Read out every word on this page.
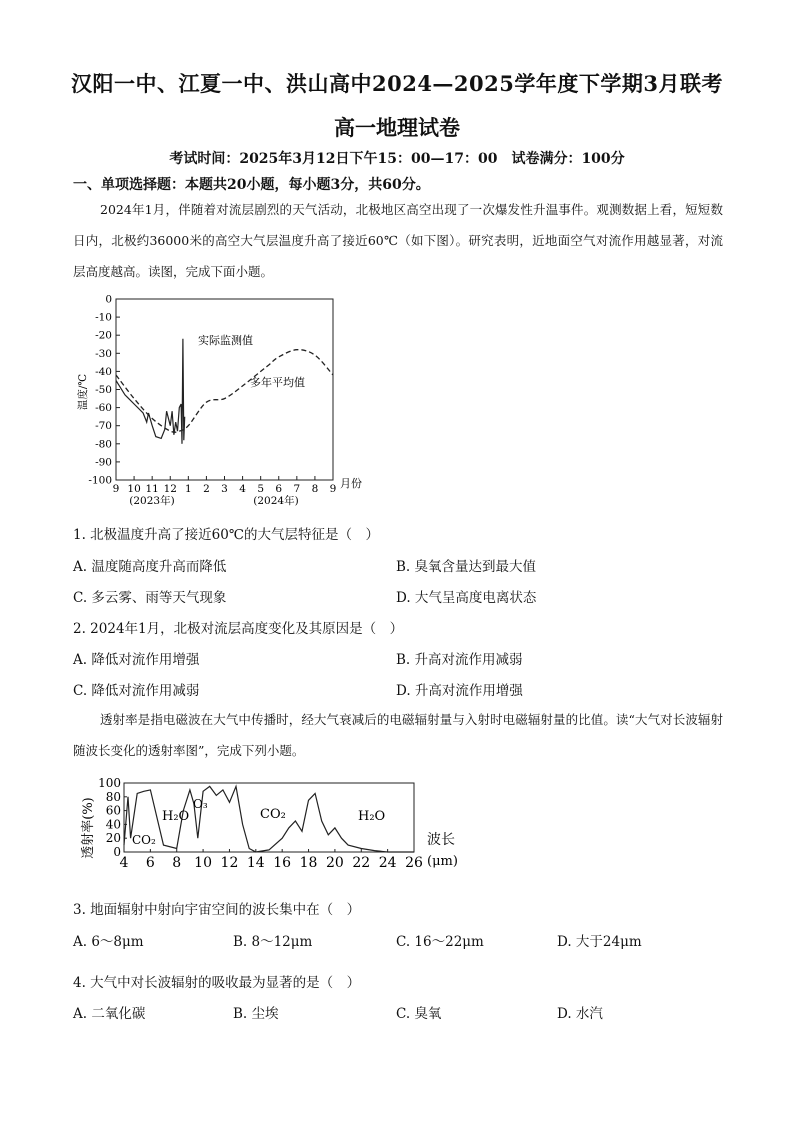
汉阳一中、江夏一中、洪山高中2024—2025学年度下学期3月联考
高一地理试卷
考试时间：2025年3月12日下午15：00—17：00　试卷满分：100分
一、单项选择题：本题共20小题，每小题3分，共60分。
2024年1月，伴随着对流层剧烈的天气活动，北极地区高空出现了一次爆发性升温事件。观测数据上看，短短数日内，北极约36000米的高空大气层温度升高了接近60℃（如下图）。研究表明，近地面空气对流作用越显著，对流层高度越高。读图，完成下面小题。
0
-10
-20
-30
-40
-50
-60
-70
-80
-90
-100
9 10 11 12 1 2 3 4 5 6 7 8 9
温度/℃
月份
(2023年)	(2024年)
实际监测值
多年平均值
1. 北极温度升高了接近60℃的大气层特征是（　）
A. 温度随高度升高而降低	B. 臭氧含量达到最大值
C. 多云雾、雨等天气现象	D. 大气呈高度电离状态
2. 2024年1月，北极对流层高度变化及其原因是（　）
A. 降低对流作用增强	B. 升高对流作用减弱
C. 降低对流作用减弱	D. 升高对流作用增强
透射率是指电磁波在大气中传播时，经大气衰减后的电磁辐射量与入射时电磁辐射量的比值。读“大气对长波辐射随波长变化的透射率图”，完成下列小题。
100
80
60
40
20
0
4 6 8 10 12 14 16 18 20 22 24 26
透射率(%)	CO₂
H₂O
O₃
CO₂	H₂O
波长
(μm)
3. 地面辐射中射向宇宙空间的波长集中在（　）
A. 6～8μm	B. 8～12μm	C. 16～22μm	D. 大于24μm
4. 大气中对长波辐射的吸收最为显著的是（　）
A. 二氧化碳	B. 尘埃	C. 臭氧	D. 水汽
